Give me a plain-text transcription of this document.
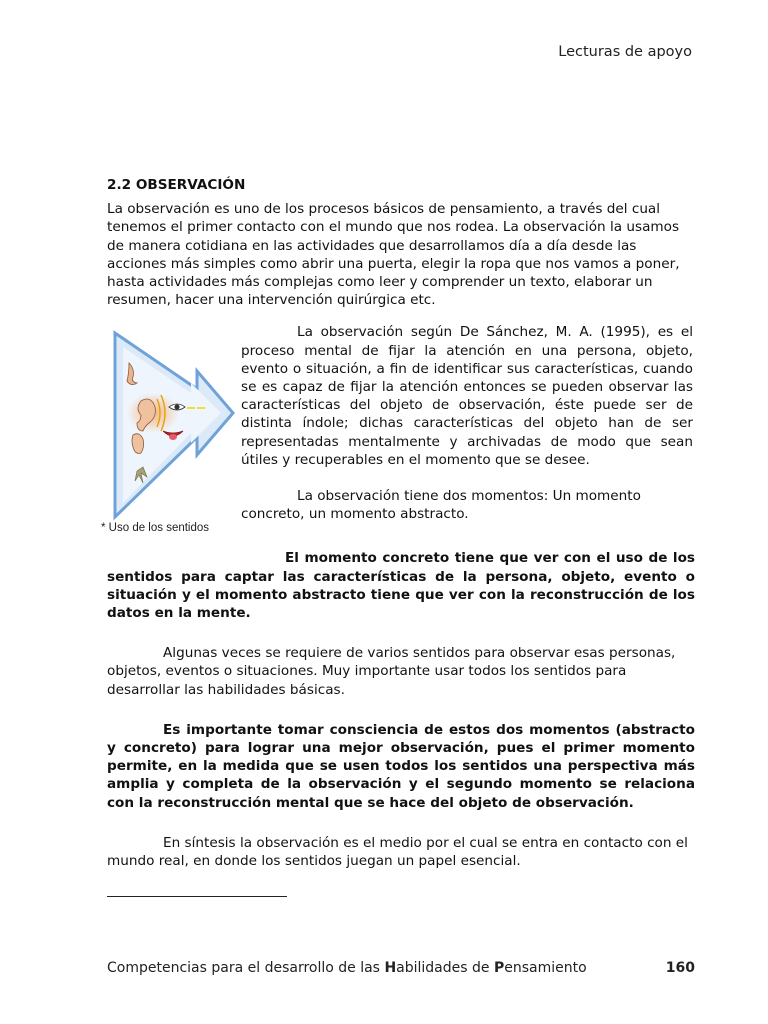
Lecturas de apoyo

2.2 OBSERVACIÓN

La observación es uno de los procesos básicos de pensamiento, a través del cual tenemos el primer contacto con el mundo que nos rodea. La observación la usamos de manera cotidiana en las actividades que desarrollamos día a día desde las acciones más simples como abrir una puerta, elegir la ropa que nos vamos a poner, hasta actividades más complejas como leer y comprender un texto, elaborar un resumen, hacer una intervención quirúrgica etc.

* Uso de los sentidos

La observación según De Sánchez, M. A. (1995), es el proceso mental de fijar la atención en una persona, objeto, evento o situación, a fin de identificar sus características, cuando se es capaz de fijar la atención entonces se pueden observar las características del objeto de observación, éste puede ser de distinta índole; dichas características del objeto han de ser representadas mentalmente y archivadas de modo que sean útiles y recuperables en el momento que se desee.

La observación tiene dos momentos: Un momento concreto, un momento abstracto.

El momento concreto tiene que ver con el uso de los sentidos para captar las características de la persona, objeto, evento o situación y el momento abstracto tiene que ver con la reconstrucción de los datos en la mente.

Algunas veces se requiere de varios sentidos para observar esas personas, objetos, eventos o situaciones. Muy importante usar todos los sentidos para desarrollar las habilidades básicas.

Es importante tomar consciencia de estos dos momentos (abstracto y concreto) para lograr una mejor observación, pues el primer momento permite, en la medida que se usen todos los sentidos una perspectiva más amplia y completa de la observación y el segundo momento se relaciona con la reconstrucción mental que se hace del objeto de observación.

En síntesis la observación es el medio por el cual se entra en contacto con el mundo real, en donde los sentidos juegan un papel esencial.

Competencias para el desarrollo de las Habilidades de Pensamiento	160
